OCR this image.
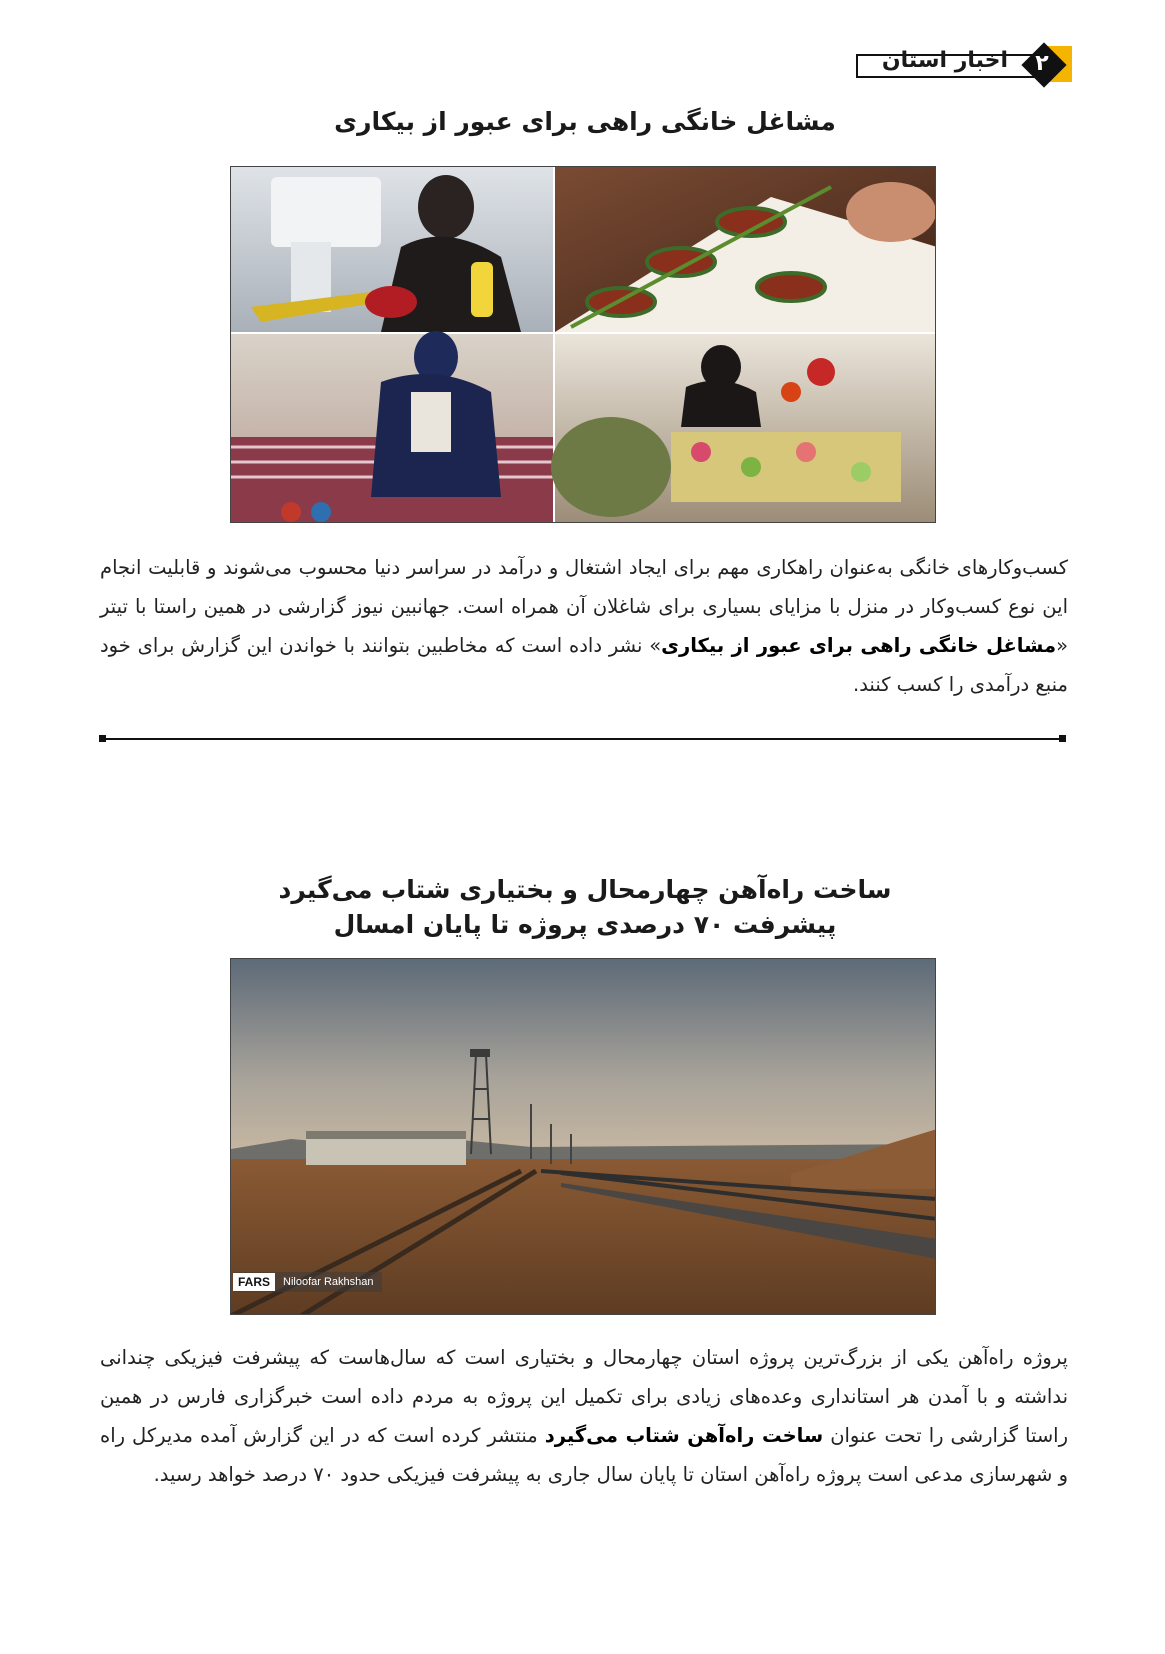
اخبار استان ۲
مشاغل خانگی راهی برای عبور از بیکاری
کسب‌وکارهای خانگی به‌عنوان راهکاری مهم برای ایجاد اشتغال و درآمد در سراسر دنیا محسوب می‌شوند و قابلیت انجام این نوع کسب‌وکار در منزل با مزایای بسیاری برای شاغلان آن همراه است. جهانبین نیوز گزارشی در همین راستا با تیتر «مشاغل خانگی راهی برای عبور از بیکاری» نشر داده است که مخاطبین بتوانند با خواندن این گزارش برای خود منبع درآمدی را کسب کنند.
ساخت راه‌آهن چهارمحال و بختیاری شتاب می‌گیرد
پیشرفت ۷۰ درصدی پروژه تا پایان امسال
FARS	Niloofar Rakhshan
پروژه راه‌آهن یکی از بزرگ‌ترین پروژه استان چهارمحال و بختیاری است که سال‌هاست که پیشرفت فیزیکی چندانی نداشته و با آمدن هر استانداری وعده‌های زیادی برای تکمیل این پروژه به مردم داده است خبرگزاری فارس در همین راستا گزارشی را تحت عنوان ساخت راه‌آهن شتاب می‌گیرد منتشر کرده است که در این گزارش آمده مدیرکل راه و شهرسازی مدعی است پروژه راه‌آهن استان تا پایان سال جاری به پیشرفت فیزیکی حدود ۷۰ درصد خواهد رسید.
